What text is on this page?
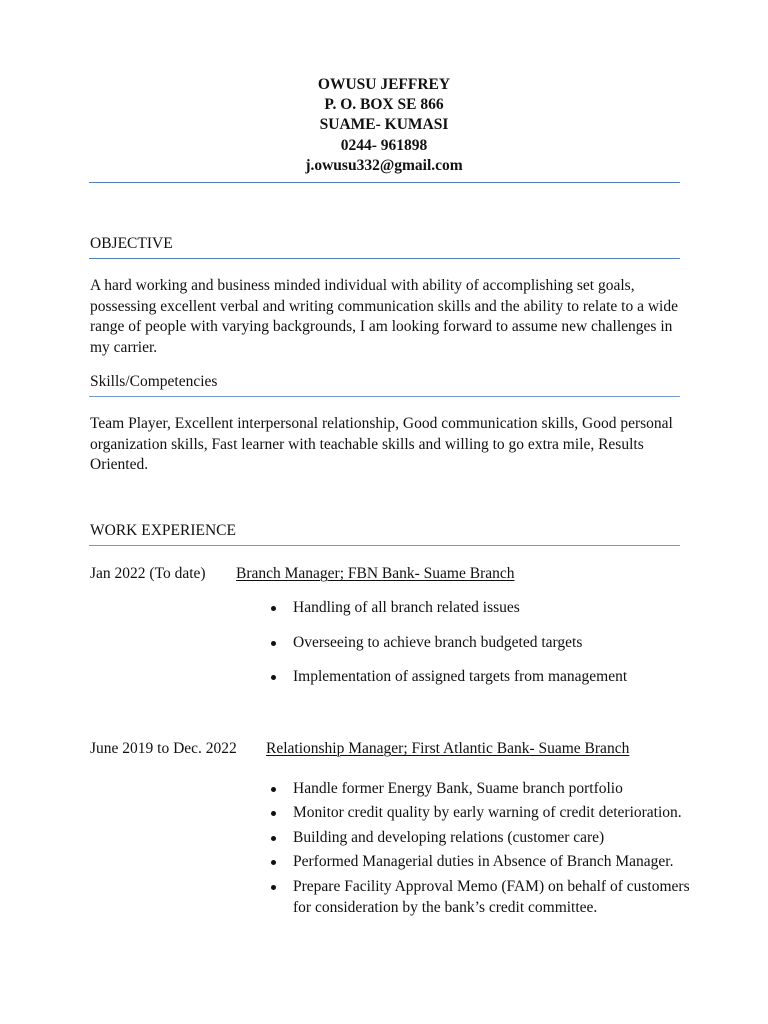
OWUSU JEFFREY
P. O. BOX SE 866
SUAME- KUMASI
0244- 961898
j.owusu332@gmail.com
OBJECTIVE
A hard working and business minded individual with ability of accomplishing set goals,
possessing excellent verbal and writing communication skills and the ability to relate to a wide
range of people with varying backgrounds, I am looking forward to assume new challenges in
my carrier.
Skills/Competencies
Team Player, Excellent interpersonal relationship, Good communication skills, Good personal
organization skills, Fast learner with teachable skills and willing to go extra mile, Results
Oriented.
WORK EXPERIENCE
Jan 2022 (To date) Branch Manager; FBN Bank- Suame Branch
Handling of all branch related issues
Overseeing to achieve branch budgeted targets
Implementation of assigned targets from management
June 2019 to Dec. 2022 Relationship Manager; First Atlantic Bank- Suame Branch
Handle former Energy Bank, Suame branch portfolio
Monitor credit quality by early warning of credit deterioration.
Building and developing relations (customer care)
Performed Managerial duties in Absence of Branch Manager.
Prepare Facility Approval Memo (FAM) on behalf of customers
for consideration by the bank’s credit committee.
